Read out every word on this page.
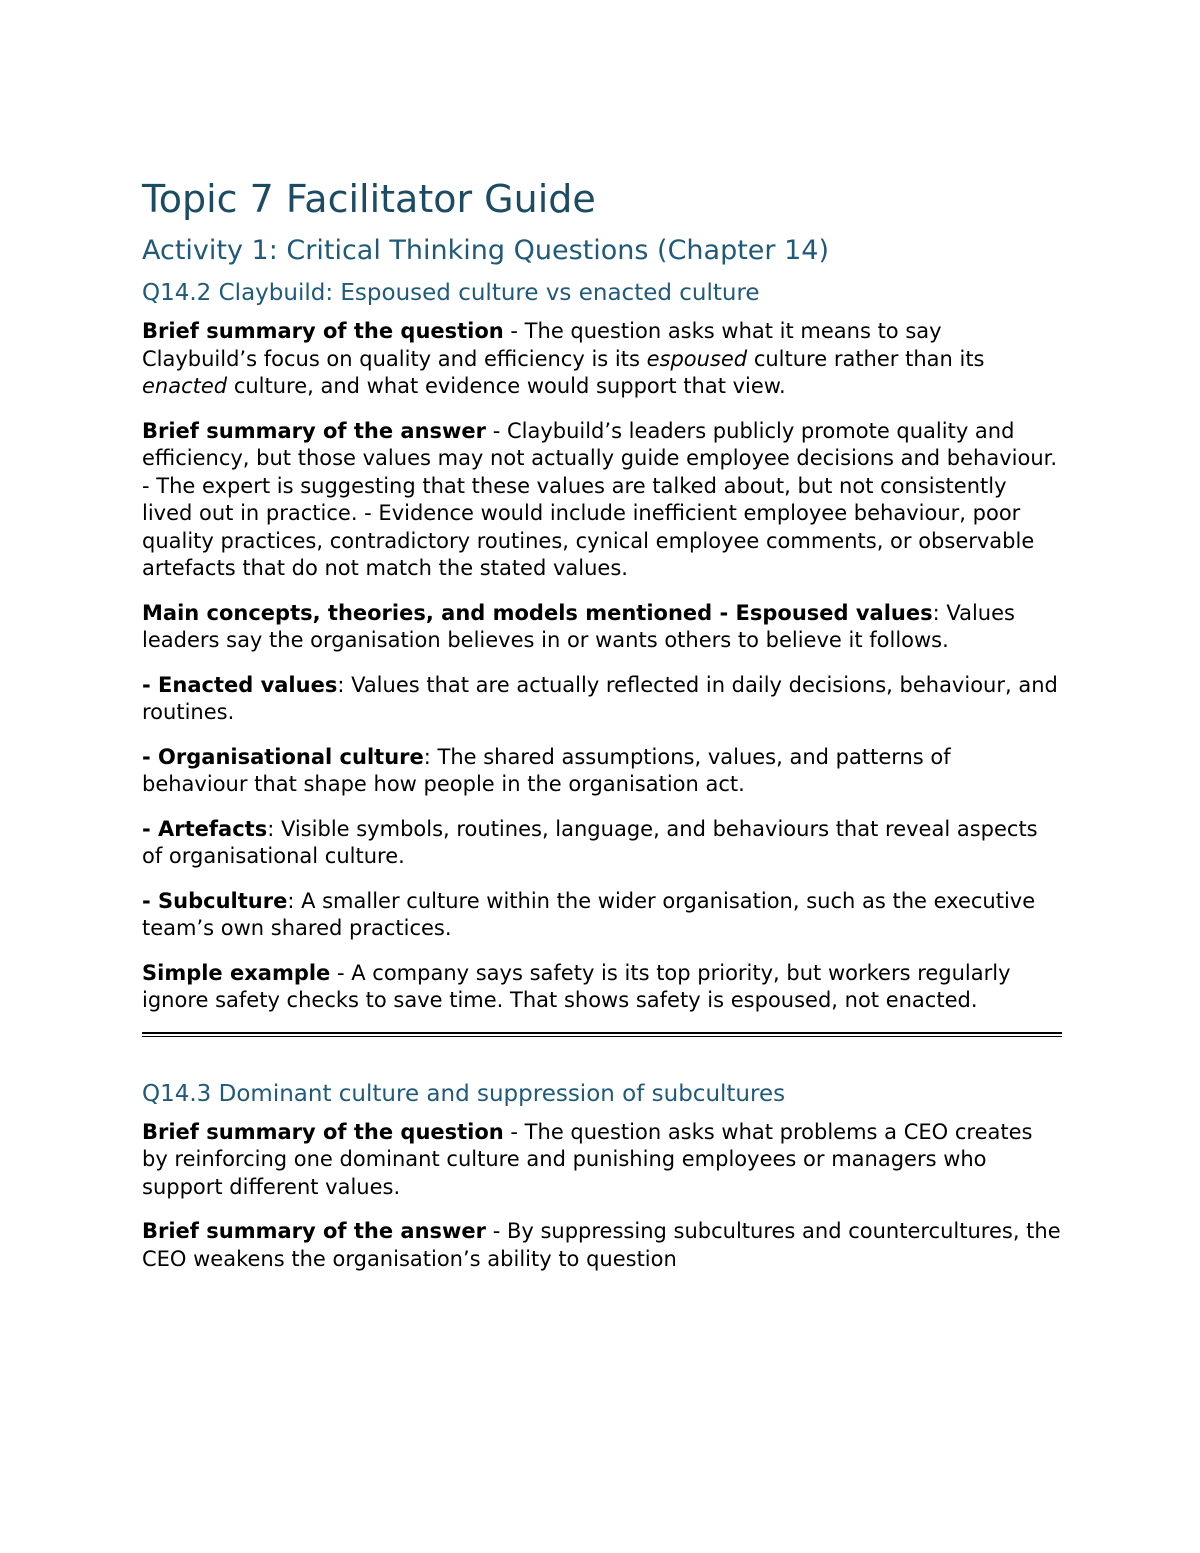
Topic 7 Facilitator Guide
Activity 1: Critical Thinking Questions (Chapter 14)
Q14.2 Claybuild: Espoused culture vs enacted culture

Brief summary of the question - The question asks what it means to say Claybuild’s focus on quality and efficiency is its espoused culture rather than its enacted culture, and what evidence would support that view.

Brief summary of the answer - Claybuild’s leaders publicly promote quality and efficiency, but those values may not actually guide employee decisions and behaviour. - The expert is suggesting that these values are talked about, but not consistently lived out in practice. - Evidence would include inefficient employee behaviour, poor quality practices, contradictory routines, cynical employee comments, or observable artefacts that do not match the stated values.

Main concepts, theories, and models mentioned - Espoused values: Values leaders say the organisation believes in or wants others to believe it follows.

- Enacted values: Values that are actually reflected in daily decisions, behaviour, and routines.

- Organisational culture: The shared assumptions, values, and patterns of behaviour that shape how people in the organisation act.

- Artefacts: Visible symbols, routines, language, and behaviours that reveal aspects of organisational culture.

- Subculture: A smaller culture within the wider organisation, such as the executive team’s own shared practices.

Simple example - A company says safety is its top priority, but workers regularly ignore safety checks to save time. That shows safety is espoused, not enacted.

Q14.3 Dominant culture and suppression of subcultures

Brief summary of the question - The question asks what problems a CEO creates by reinforcing one dominant culture and punishing employees or managers who support different values.

Brief summary of the answer - By suppressing subcultures and countercultures, the CEO weakens the organisation’s ability to question
